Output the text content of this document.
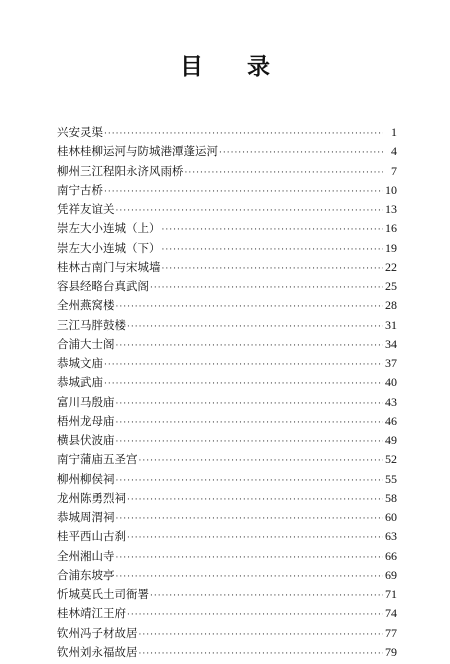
目 录
兴安灵渠 ·····	1
桂林桂柳运河与防城港潭蓬运河 ·····	4
柳州三江程阳永济风雨桥 ·····	7
南宁古桥 ·····	10
凭祥友谊关 ·····	13
崇左大小连城（上） ·····	16
崇左大小连城（下） ·····	19
桂林古南门与宋城墙 ·····	22
容县经略台真武阁 ·····	25
全州燕窝楼 ·····	28
三江马胖鼓楼 ·····	31
合浦大士阁 ·····	34
恭城文庙 ·····	37
恭城武庙 ·····	40
富川马殷庙 ·····	43
梧州龙母庙 ·····	46
横县伏波庙 ·····	49
南宁蒲庙五圣宫 ·····	52
柳州柳侯祠 ·····	55
龙州陈勇烈祠 ·····	58
恭城周渭祠 ·····	60
桂平西山古刹 ·····	63
全州湘山寺 ·····	66
合浦东坡亭 ·····	69
忻城莫氏土司衙署 ·····	71
桂林靖江王府 ·····	74
钦州冯子材故居 ·····	77
钦州刘永福故居 ·····	79
